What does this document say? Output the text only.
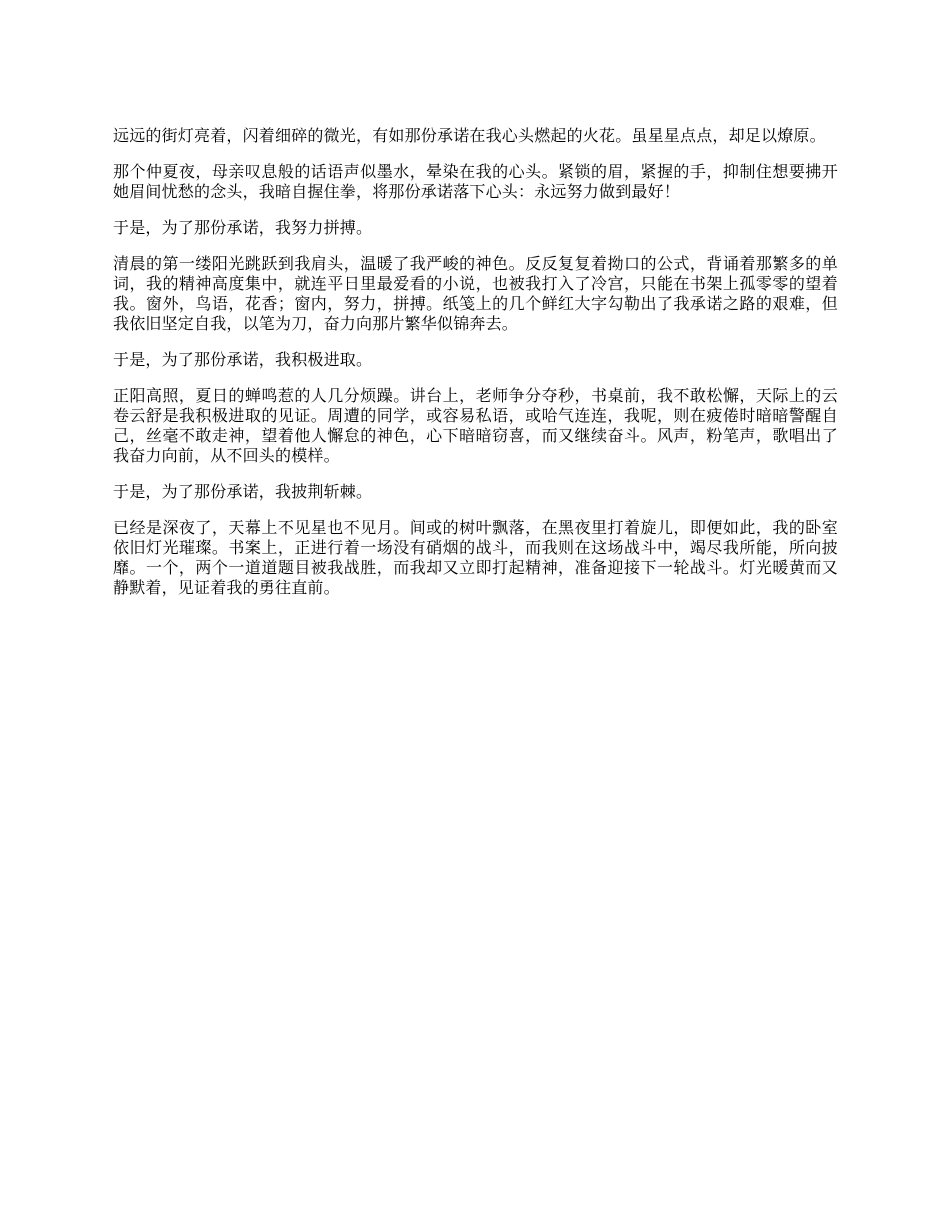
远远的街灯亮着，闪着细碎的微光，有如那份承诺在我心头燃起的火花。虽星星点点，却足以燎原。

那个仲夏夜，母亲叹息般的话语声似墨水，晕染在我的心头。紧锁的眉，紧握的手，抑制住想要拂开她眉间忧愁的念头，我暗自握住拳，将那份承诺落下心头：永远努力做到最好！

于是，为了那份承诺，我努力拼搏。

清晨的第一缕阳光跳跃到我肩头，温暖了我严峻的神色。反反复复着拗口的公式，背诵着那繁多的单词，我的精神高度集中，就连平日里最爱看的小说，也被我打入了冷宫，只能在书架上孤零零的望着我。窗外，鸟语，花香；窗内，努力，拼搏。纸笺上的几个鲜红大字勾勒出了我承诺之路的艰难，但我依旧坚定自我，以笔为刀，奋力向那片繁华似锦奔去。

于是，为了那份承诺，我积极进取。

正阳高照，夏日的蝉鸣惹的人几分烦躁。讲台上，老师争分夺秒，书桌前，我不敢松懈，天际上的云卷云舒是我积极进取的见证。周遭的同学，或容易私语，或哈气连连，我呢，则在疲倦时暗暗警醒自己，丝毫不敢走神，望着他人懈怠的神色，心下暗暗窃喜，而又继续奋斗。风声，粉笔声，歌唱出了我奋力向前，从不回头的模样。

于是，为了那份承诺，我披荆斩棘。

已经是深夜了，天幕上不见星也不见月。间或的树叶飘落，在黑夜里打着旋儿，即便如此，我的卧室依旧灯光璀璨。书案上，正进行着一场没有硝烟的战斗，而我则在这场战斗中，竭尽我所能，所向披靡。一个，两个一道道题目被我战胜，而我却又立即打起精神，准备迎接下一轮战斗。灯光暖黄而又静默着，见证着我的勇往直前。
